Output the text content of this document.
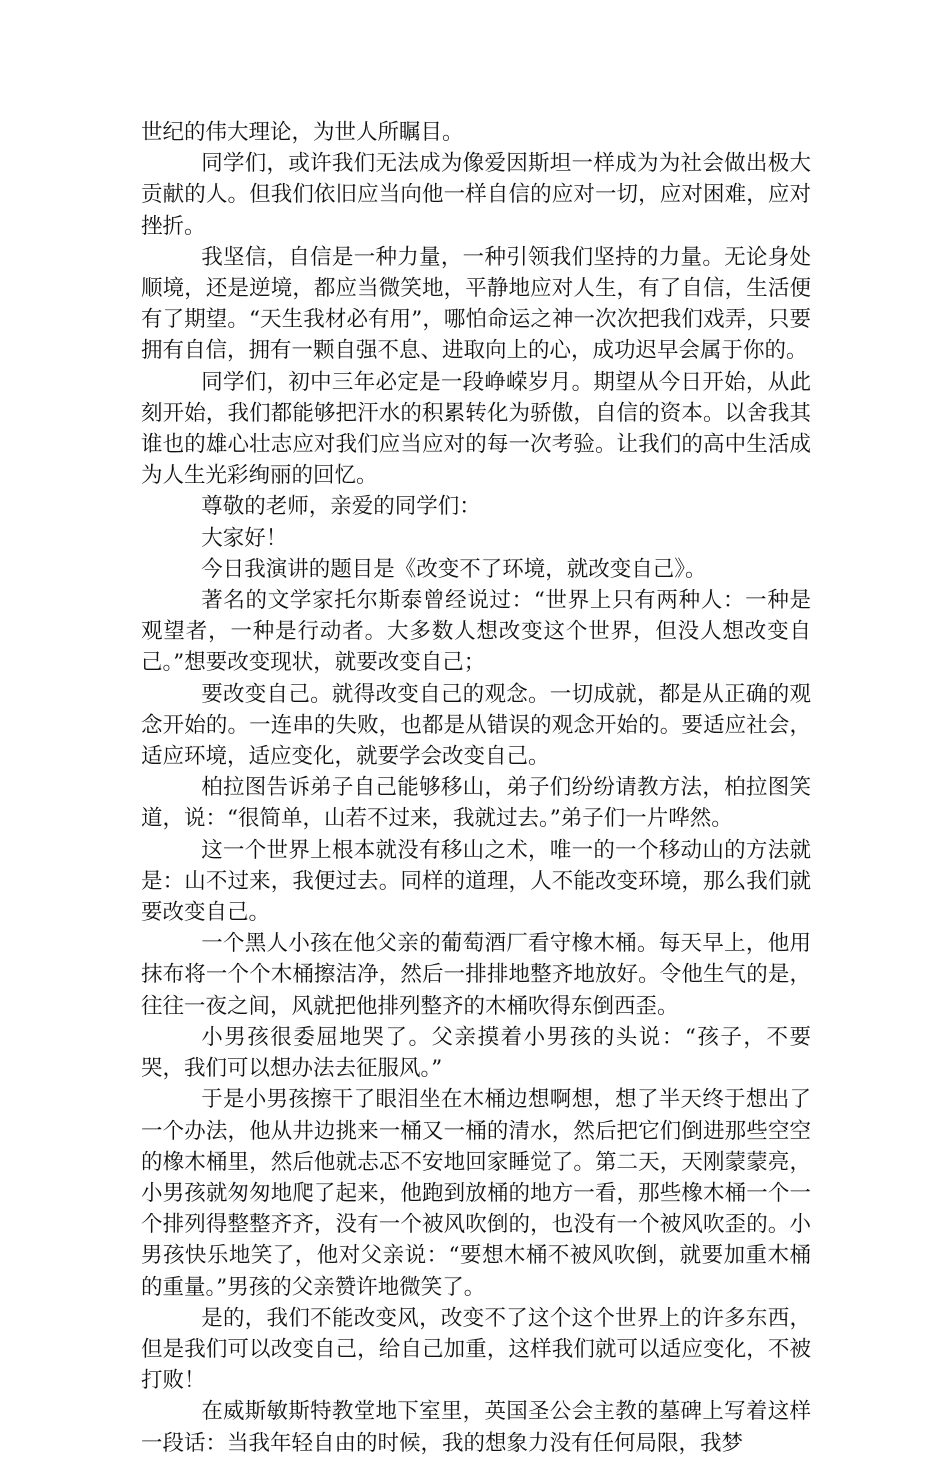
世纪的伟大理论，为世人所瞩目。

同学们，或许我们无法成为像爱因斯坦一样成为为社会做出极大贡献的人。但我们依旧应当向他一样自信的应对一切，应对困难，应对挫折。

我坚信，自信是一种力量，一种引领我们坚持的力量。无论身处顺境，还是逆境，都应当微笑地，平静地应对人生，有了自信，生活便有了期望。“天生我材必有用”，哪怕命运之神一次次把我们戏弄，只要拥有自信，拥有一颗自强不息、进取向上的心，成功迟早会属于你的。

同学们，初中三年必定是一段峥嵘岁月。期望从今日开始，从此刻开始，我们都能够把汗水的积累转化为骄傲，自信的资本。以舍我其谁也的雄心壮志应对我们应当应对的每一次考验。让我们的高中生活成为人生光彩绚丽的回忆。

尊敬的老师，亲爱的同学们：

大家好！

今日我演讲的题目是《改变不了环境，就改变自己》。

著名的文学家托尔斯泰曾经说过：“世界上只有两种人：一种是观望者，一种是行动者。大多数人想改变这个世界，但没人想改变自己。”想要改变现状，就要改变自己；

要改变自己。就得改变自己的观念。一切成就，都是从正确的观念开始的。一连串的失败，也都是从错误的观念开始的。要适应社会，适应环境，适应变化，就要学会改变自己。

柏拉图告诉弟子自己能够移山，弟子们纷纷请教方法，柏拉图笑道，说：“很简单，山若不过来，我就过去。”弟子们一片哗然。

这一个世界上根本就没有移山之术，唯一的一个移动山的方法就是：山不过来，我便过去。同样的道理，人不能改变环境，那么我们就要改变自己。

一个黑人小孩在他父亲的葡萄酒厂看守橡木桶。每天早上，他用抹布将一个个木桶擦洁净，然后一排排地整齐地放好。令他生气的是，往往一夜之间，风就把他排列整齐的木桶吹得东倒西歪。

小男孩很委屈地哭了。父亲摸着小男孩的头说：“孩子，不要哭，我们可以想办法去征服风。”

于是小男孩擦干了眼泪坐在木桶边想啊想，想了半天终于想出了一个办法，他从井边挑来一桶又一桶的清水，然后把它们倒进那些空空的橡木桶里，然后他就忐忑不安地回家睡觉了。第二天，天刚蒙蒙亮，小男孩就匆匆地爬了起来，他跑到放桶的地方一看，那些橡木桶一个一个排列得整整齐齐，没有一个被风吹倒的，也没有一个被风吹歪的。小男孩快乐地笑了，他对父亲说：“要想木桶不被风吹倒，就要加重木桶的重量。”男孩的父亲赞许地微笑了。

是的，我们不能改变风，改变不了这个这个世界上的许多东西，但是我们可以改变自己，给自己加重，这样我们就可以适应变化，不被打败！

在威斯敏斯特教堂地下室里，英国圣公会主教的墓碑上写着这样一段话：当我年轻自由的时候，我的想象力没有任何局限，我梦
